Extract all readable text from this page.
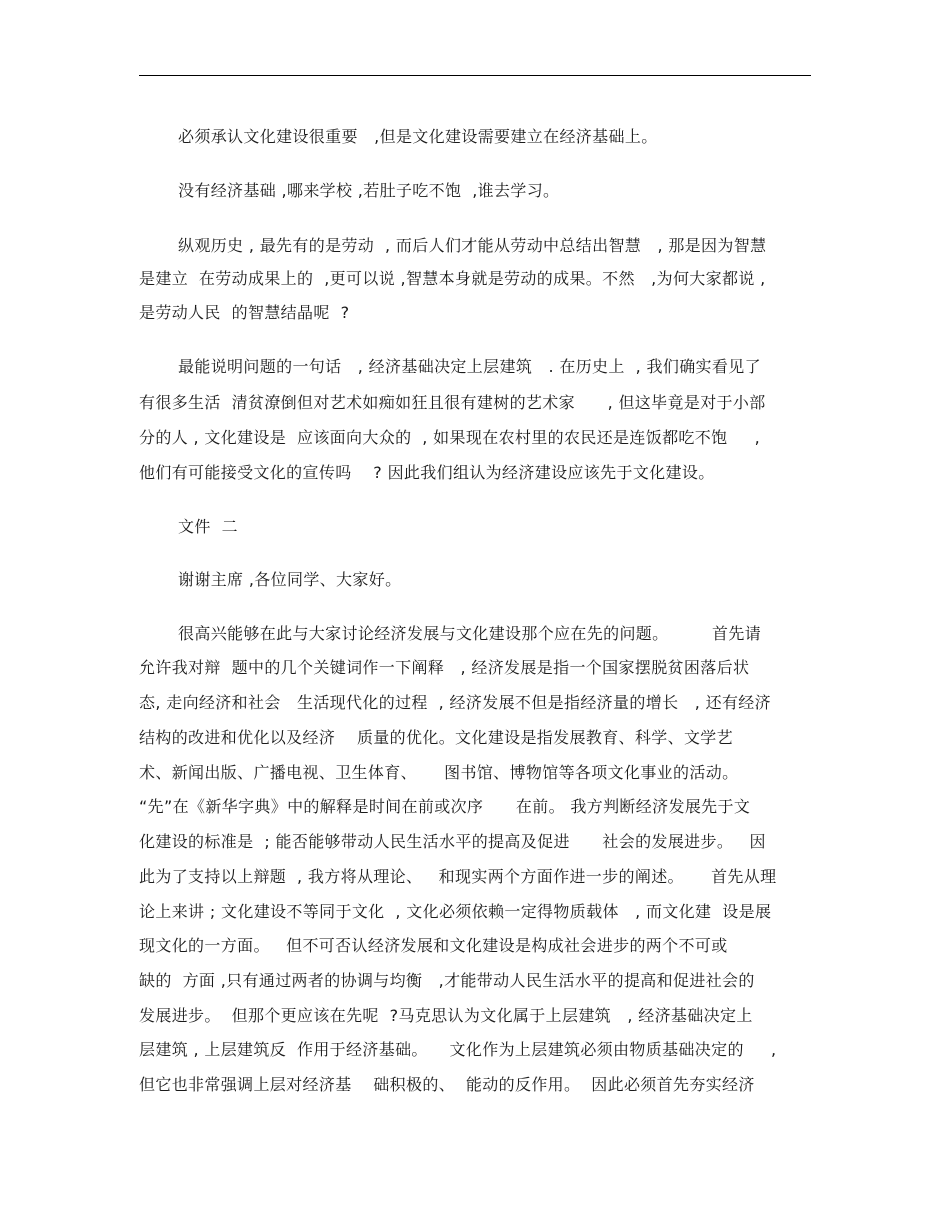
必须承认文化建设很重要   ,但是文化建设需要建立在经济基础上。
没有经济基础 ,哪来学校 ,若肚子吃不饱  ,谁去学习。
纵观历史 , 最先有的是劳动  , 而后人们才能从劳动中总结出智慧   , 那是因为智慧
是建立  在劳动成果上的  ,更可以说 ,智慧本身就是劳动的成果。不然   ,为何大家都说 ,
是劳动人民  的智慧结晶呢  ?
最能说明问题的一句话   , 经济基础决定上层建筑   . 在历史上  , 我们确实看见了
有很多生活  清贫潦倒但对艺术如痴如狂且很有建树的艺术家      , 但这毕竟是对于小部
分的人 , 文化建设是  应该面向大众的  , 如果现在农村里的农民还是连饭都吃不饱     ,
他们有可能接受文化的宣传吗    ? 因此我们组认为经济建设应该先于文化建设。
文件  二
谢谢主席 ,各位同学、大家好。
很高兴能够在此与大家讨论经济发展与文化建设那个应在先的问题。        首先请
允许我对辩  题中的几个关键词作一下阐释   , 经济发展是指一个国家摆脱贫困落后状
态, 走向经济和社会   生活现代化的过程  , 经济发展不但是指经济量的增长   , 还有经济
结构的改进和优化以及经济    质量的优化。文化建设是指发展教育、科学、文学艺
术、新闻出版、广播电视、卫生体育、     图书馆、博物馆等各项文化事业的活动。
“先”在《新华字典》中的解释是时间在前或次序      在前。 我方判断经济发展先于文
化建设的标准是  ; 能否能够带动人民生活水平的提高及促进      社会的发展进步。   因
此为了支持以上辩题  , 我方将从理论、   和现实两个方面作进一步的阐述。     首先从理
论上来讲 ; 文化建设不等同于文化  , 文化必须依赖一定得物质载体   , 而文化建  设是展
现文化的一方面。   但不可否认经济发展和文化建设是构成社会进步的两个不可或
缺的  方面 ,只有通过两者的协调与均衡   ,才能带动人民生活水平的提高和促进社会的
发展进步。  但那个更应该在先呢  ?马克思认为文化属于上层建筑   , 经济基础决定上
层建筑 , 上层建筑反  作用于经济基础。    文化作为上层建筑必须由物质基础决定的     ,
但它也非常强调上层对经济基    础积极的、  能动的反作用。  因此必须首先夯实经济
